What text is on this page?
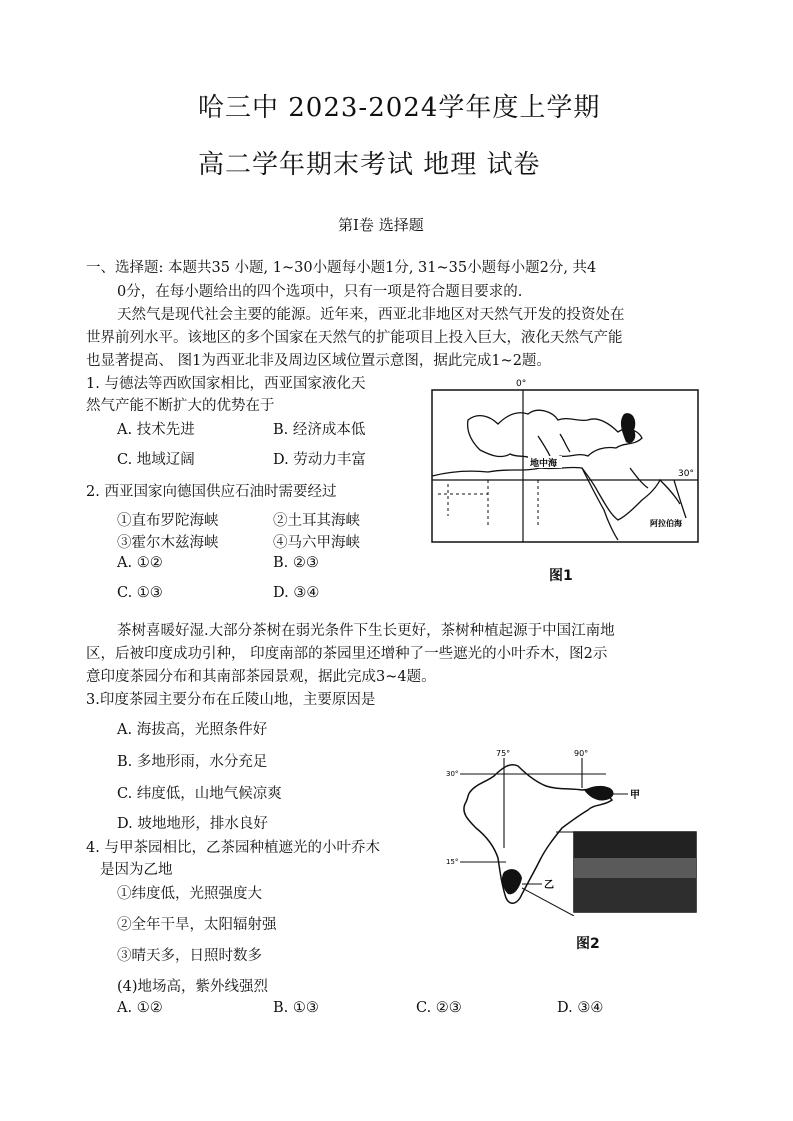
哈三中 2023-2024学年度上学期
高二学年期末考试 地理 试卷
第Ⅰ卷 选择题
一、选择题: 本题共35 小题, 1~30小题每小题1分, 31~35小题每小题2分, 共4
0分，在每小题给出的四个选项中，只有一项是符合题目要求的.
天然气是现代社会主要的能源。近年来，西亚北非地区对天然气开发的投资处在
世界前列水平。该地区的多个国家在天然气的扩能项目上投入巨大，液化天然气产能
也显著提高、 图1为西亚北非及周边区域位置示意图，据此完成1~2题。
1. 与德法等西欧国家相比，西亚国家液化天
然气产能不断扩大的优势在于
A. 技术先进	B. 经济成本低
C. 地域辽阔	D. 劳动力丰富
2. 西亚国家向德国供应石油时需要经过
①直布罗陀海峡	②土耳其海峡
③霍尔木兹海峡	④马六甲海峡
A. ①②	B. ②③
C. ①③	D. ③④
0°
30°
地中海
阿拉伯海
图1
茶树喜暖好湿.大部分茶树在弱光条件下生长更好，茶树种植起源于中国江南地
区，后被印度成功引种， 印度南部的茶园里还增种了一些遮光的小叶乔木，图2示
意印度茶园分布和其南部茶园景观，据此完成3~4题。
3.印度茶园主要分布在丘陵山地，主要原因是
A. 海拔高，光照条件好
B. 多地形雨，水分充足
C. 纬度低，山地气候凉爽
D. 坡地地形，排水良好
4. 与甲茶园相比，乙茶园种植遮光的小叶乔木
是因为乙地
①纬度低，光照强度大
②全年干旱，太阳辐射强
③晴天多，日照时数多
(4)地场高，紫外线强烈
A. ①②	B. ①③	C. ②③	D. ③④
75°	90°
30°
15°
甲
乙
图2
